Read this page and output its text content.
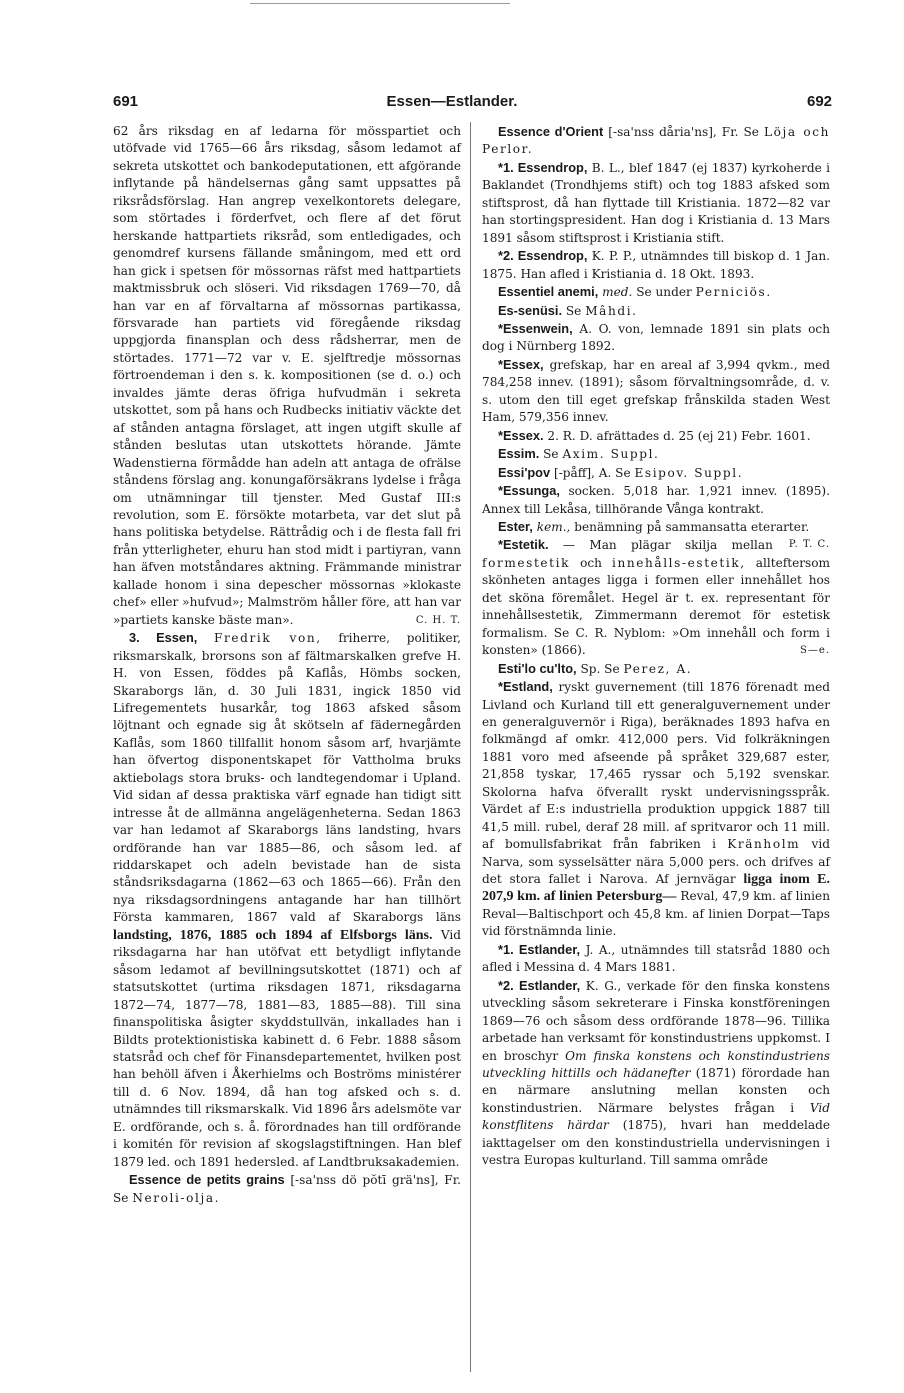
691	Essen—Estlander.	692

62 års riksdag en af ledarna för mösspartiet och utöfvade vid 1765—66 års riksdag, såsom ledamot af sekreta utskottet och bankodeputationen, ett afgörande inflytande på händelsernas gång samt uppsattes på riksrådsförslag. Han angrep vexelkontorets delegare, som störtades i förderfvet, och flere af det förut herskande hattpartiets riksråd, som entledigades, och genomdref kursens fällande småningom, med ett ord han gick i spetsen för mössornas räfst med hattpartiets maktmissbruk och slöseri. Vid riksdagen 1769—70, då han var en af förvaltarna af mössornas partikassa, försvarade han partiets vid föregående riksdag uppgjorda finansplan och dess rådsherrar, men de störtades. 1771—72 var v. E. sjelftredje mössornas förtroendeman i den s. k. kompositionen (se d. o.) och invaldes jämte deras öfriga hufvudmän i sekreta utskottet, som på hans och Rudbecks initiativ väckte det af stånden antagna förslaget, att ingen utgift skulle af stånden beslutas utan utskottets hörande. Jämte Wadenstierna förmådde han adeln att antaga de ofrälse ståndens förslag ang. konungaförsäkrans lydelse i fråga om utnämningar till tjenster. Med Gustaf III:s revolution, som E. försökte motarbeta, var det slut på hans politiska betydelse. Rättrådig och i de flesta fall fri från ytterligheter, ehuru han stod midt i partiyran, vann han äfven motståndares aktning. Främmande ministrar kallade honom i sina depescher mössornas »klokaste chef» eller »hufvud»; Malmström håller före, att han var »partiets kanske bäste man».	C. H. T.

3. Essen, Fredrik von, friherre, politiker, riksmarskalk, brorsons son af fältmarskalken grefve H. H. von Essen, föddes på Kaflås, Hömbs socken, Skaraborgs län, d. 30 Juli 1831, ingick 1850 vid Lifregementets husarkår, tog 1863 afsked såsom löjtnant och egnade sig åt skötseln af fädernegården Kaflås, som 1860 tillfallit honom såsom arf, hvarjämte han öfvertog disponentskapet för Vattholma bruks aktiebolags stora bruks- och landtegendomar i Upland. Vid sidan af dessa praktiska värf egnade han tidigt sitt intresse åt de allmänna angelägenheterna. Sedan 1863 var han ledamot af Skaraborgs läns landsting, hvars ordförande han var 1885—86, och såsom led. af riddarskapet och adeln bevistade han de sista ståndsriksdagarna (1862—63 och 1865—66). Från den nya riksdagsordningens antagande har han tillhört Första kammaren, 1867 vald af Skaraborgs läns landsting, 1876, 1885 och 1894 af Elfsborgs läns. Vid riksdagarna har han utöfvat ett betydligt inflytande såsom ledamot af bevillningsutskottet (1871) och af statsutskottet (urtima riksdagen 1871, riksdagarna 1872—74, 1877—78, 1881—83, 1885—88). Till sina finanspolitiska åsigter skyddstullvän, inkallades han i Bildts protektionistiska kabinett d. 6 Febr. 1888 såsom statsråd och chef för Finansdepartementet, hvilken post han behöll äfven i Åkerhielms och Boströms ministérer till d. 6 Nov. 1894, då han tog afsked och s. d. utnämndes till riksmarskalk. Vid 1896 års adelsmöte var E. ordförande, och s. å. förordnades han till ordförande i komitén för revision af skogslagstiftningen. Han blef 1879 led. och 1891 hedersled. af Landtbruksakademien.

Essence de petits grains [-sa'nss dö pŏtī grä'ns], Fr. Se Neroli-olja.

Essence d'Orient [-sa'nss dåria'ns], Fr. Se Löja och Perlor.

*1. Essendrop, B. L., blef 1847 (ej 1837) kyrkoherde i Baklandet (Trondhjems stift) och tog 1883 afsked som stiftsprost, då han flyttade till Kristiania. 1872—82 var han stortingspresident. Han dog i Kristiania d. 13 Mars 1891 såsom stiftsprost i Kristiania stift.

*2. Essendrop, K. P. P., utnämndes till biskop d. 1 Jan. 1875. Han afled i Kristiania d. 18 Okt. 1893.

Essentiel anemi, med. Se under Perniciös.

Es-senüsi. Se Mâhdi.

*Essenwein, A. O. von, lemnade 1891 sin plats och dog i Nürnberg 1892.

*Essex, grefskap, har en areal af 3,994 qvkm., med 784,258 innev. (1891); såsom förvaltningsområde, d. v. s. utom den till eget grefskap frånskilda staden West Ham, 579,356 innev.

*Essex. 2. R. D. afrättades d. 25 (ej 21) Febr. 1601.

Essim. Se Axim. Suppl.

Essi'pov [-påff], A. Se Esipov. Suppl.

*Essunga, socken. 5,018 har. 1,921 innev. (1895). Annex till Lekåsa, tillhörande Vånga kontrakt.

Ester, kem., benämning på sammansatta eterarter.
P. T. C.

*Estetik. — Man plägar skilja mellan formestetik och innehålls-estetik, allteftersom skönheten antages ligga i formen eller innehållet hos det sköna föremålet. Hegel är t. ex. representant för innehållsestetik, Zimmermann deremot för estetisk formalism. Se C. R. Nyblom: »Om innehåll och form i konsten» (1866).	S—e.

Esti'lo cu'lto, Sp. Se Perez, A.

*Estland, ryskt guvernement (till 1876 förenadt med Livland och Kurland till ett generalguvernement under en generalguvernör i Riga), beräknades 1893 hafva en folkmängd af omkr. 412,000 pers. Vid folkräkningen 1881 voro med afseende på språket 329,687 ester, 21,858 tyskar, 17,465 ryssar och 5,192 svenskar. Skolorna hafva öfverallt ryskt undervisningsspråk. Värdet af E:s industriella produktion uppgick 1887 till 41,5 mill. rubel, deraf 28 mill. af spritvaror och 11 mill. af bomullsfabrikat från fabriken i Kränholm vid Narva, som sysselsätter nära 5,000 pers. och drifves af det stora fallet i Narova. Af jernvägar ligga inom E. 207,9 km. af linien Petersburg— Reval, 47,9 km. af linien Reval—Baltischport och 45,8 km. af linien Dorpat—Taps vid förstnämnda linie.

*1. Estlander, J. A., utnämndes till statsråd 1880 och afled i Messina d. 4 Mars 1881.

*2. Estlander, K. G., verkade för den finska konstens utveckling såsom sekreterare i Finska konstföreningen 1869—76 och såsom dess ordförande 1878—96. Tillika arbetade han verksamt för konstindustriens uppkomst. I en broschyr Om finska konstens och konstindustriens utveckling hittills och hädanefter (1871) förordade han en närmare anslutning mellan konsten och konstindustrien. Närmare belystes frågan i Vid konstflitens härdar (1875), hvari han meddelade iakttagelser om den konstindustriella undervisningen i vestra Europas kulturland. Till samma område
